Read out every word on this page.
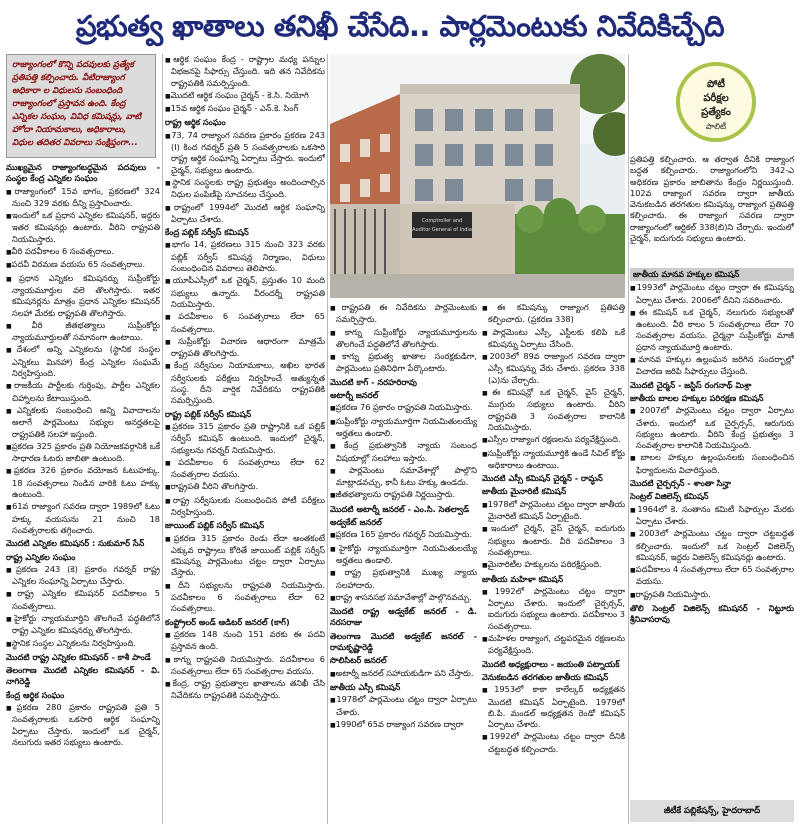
ప్రభుత్వ ఖాతాలు తనిఖీ చేసేది.. పార్లమెంటుకు నివేదికిచ్చేది
రాజ్యాంగంలో కొన్ని పదవులకు ప్రత్యేక ప్రతిపత్తి కల్పించారు. వీటిరాజ్యాంగ అధికారా ల విధులను సంబంధింది రాజ్యాంగంలో ప్రస్తావన ఉంది. కేంద్ర ఎన్నికల సంఘం, వివిధ కమిషన్లు, వాటి హోదా నియామకాలు, అధికారాలు, విధుల తదితర వివరాలు సంక్షిప్తంగా...

ముఖ్యమైన రాజ్యాంగబద్ధమైన పదవులు - సంస్థల కేంద్ర ఎన్నికల సంఘం

■ రాజ్యాంగంలో 15వ భాగం, ప్రకరణలో 324 నుంచి 329 వరకు దీన్ని ప్రస్తావించారు.

■ ఇందులో ఒక ప్రధాన ఎన్నికల కమిషనర్, ఇద్దరు ఇతర కమిషనర్లు ఉంటారు. వీరిని రాష్ట్రపతి నియమిస్తారు.

■ వీరి పదవీకాలం 6 సంవత్సరాలు.

■ పదవీ విరమణ వయసు 65 సంవత్సరాలు.

■ ప్రధాన ఎన్నికల కమిషనర్ను సుప్రీంకోర్టు న్యాయమూర్తుల వలె తొలగిస్తారు. ఇతర కమిషనర్లను మాత్రం ప్రధాన ఎన్నికల కమిషనర్ సలహా మేరకు రాష్ట్రపతి తొలగిస్తారు.

■ వీరి జీతభత్యాలు సుప్రీంకోర్టు న్యాయమూర్తులతో సమానంగా ఉంటాయి.

■ దేశంలో అన్ని ఎన్నికలను (స్థానిక సంస్థల ఎన్నికలు మినహా) కేంద్ర ఎన్నికల సంఘమే నిర్వహిస్తుంది.

■ రాజకీయ పార్టీలకు గుర్తింపు, పార్టీల ఎన్నికల చిహ్నాలను కేటాయిస్తుంది.

■ ఎన్నికలకు సంబంధించి అన్ని వివాదాలను అలాగే పార్లమెంటు సభ్యుల అనర్హతలపై రాష్ట్రపతికి సలహా ఇస్తుంది.

■ ప్రకరణ 325 ప్రకారం ప్రతి నియోజకవర్గానికి ఒకే సాధారణ ఓటరు జాబితా ఉంటుంది.

■ ప్రకరణ 326 ప్రకారం వయోజన ఓటుహక్కు. 18 సంవత్సరాలు నిండిన వారికి ఓటు హక్కు ఉంటుంది.

■ 61వ రాజ్యాంగ సవరణ ద్వారా 1989లో ఓటు హక్కు వయసును 21 నుంచి 18 సంవత్సరాలకు తగ్గించారు.

మొదటి ఎన్నికల కమిషనర్ : సుకుమార్ సేన్

రాష్ట్ర ఎన్నికల సంఘం

■ ప్రకరణ 243 (కె) ప్రకారం గవర్నర్ రాష్ట్ర ఎన్నికల సంఘాన్ని ఏర్పాటు చేస్తారు.

■ రాష్ట్ర ఎన్నికల కమిషనర్ పదవీకాలం 5 సంవత్సరాలు.

■ హైకోర్టు న్యాయమూర్తిని తొలగించే పద్ధతిలోనే రాష్ట్ర ఎన్నికల కమిషనర్ను తొలగిస్తారు.

■ స్థానిక సంస్థల ఎన్నికలను నిర్వహిస్తుంది.

మొదటి రాష్ట్ర ఎన్నికల కమిషనర్ - కాశీ పాండే

తెలంగాణ మొదటి ఎన్నికల కమిషనర్ - వి. నాగిరెడ్డి

కేంద్ర ఆర్థిక సంఘం

■ ప్రకరణ 280 ప్రకారం రాష్ట్రపతి ప్రతి 5 సంవత్సరాలకు ఒకసారి ఆర్థిక సంఘాన్ని ఏర్పాటు చేస్తారు. ఇందులో ఒక చైర్మన్, నలుగురు ఇతర సభ్యులు ఉంటారు.

■ ఆర్థిక సంఘం కేంద్ర - రాష్ట్రాల మధ్య పన్నుల విభజనపై సిఫార్సు చేస్తుంది. ఇది తన నివేదికను రాష్ట్రపతికి సమర్పిస్తుంది.

■ మొదటి ఆర్థిక సంఘం చైర్మన్ - కె.సి. నియోగి

■ 15వ ఆర్థిక సంఘం చైర్మన్ - ఎన్.కె. సింగ్

రాష్ట్ర ఆర్థిక సంఘం

■ 73, 74 రాజ్యాంగ సవరణ ప్రకారం ప్రకరణ 243 (I) కింద గవర్నర్ ప్రతి 5 సంవత్సరాలకు ఒకసారి రాష్ట్ర ఆర్థిక సంఘాన్ని ఏర్పాటు చేస్తారు. ఇందులో చైర్మన్, సభ్యులు ఉంటారు.

■ స్థానిక సంస్థలకు రాష్ట్ర ప్రభుత్వం అందించాల్సిన నిధుల పంపిణీపై సూచనలు చేస్తుంది.

■ రాష్ట్రంలో 1994లో మొదటి ఆర్థిక సంఘాన్ని ఏర్పాటు చేశారు.

కేంద్ర పబ్లిక్ సర్వీస్ కమిషన్

■ భాగం 14, ప్రకరణలు 315 నుంచి 323 వరకు పబ్లిక్ సర్వీస్ కమిషన్ల నిర్మాణం, విధులు సంబంధించిన వివరాలు తెలిపారు.

■ యూపీఎస్సీలో ఒక చైర్మన్, ప్రస్తుతం 10 మంది సభ్యులు ఉన్నారు. వీరందర్నీ రాష్ట్రపతి నియమిస్తారు.

■ పదవీకాలం 6 సంవత్సరాలు లేదా 65 సంవత్సరాలు.

■ సుప్రీంకోర్టు విచారణ ఆధారంగా మాత్రమే రాష్ట్రపతి తొలగిస్తారు.

■ కేంద్ర సర్వీసుల నియామకాలు, అఖిల భారత సర్వీసులకు పరీక్షలు నిర్వహించే అత్యున్నత సంస్థ. దీని వార్షిక నివేదికను రాష్ట్రపతికి సమర్పిస్తుంది.

రాష్ట్ర పబ్లిక్ సర్వీస్ కమిషన్

■ ప్రకరణ 315 ప్రకారం ప్రతి రాష్ట్రానికి ఒక పబ్లిక్ సర్వీస్ కమిషన్ ఉంటుంది. ఇందులో చైర్మన్, సభ్యులను గవర్నర్ నియమిస్తారు.

■ పదవీకాలం 6 సంవత్సరాలు లేదా 62 సంవత్సరాల వయసు.

■ రాష్ట్రపతి వీరిని తొలగిస్తారు.

■ రాష్ట్ర సర్వీసులకు సంబంధించిన పోటీ పరీక్షలు నిర్వహిస్తుంది.

జాయింట్ పబ్లిక్ సర్వీస్ కమిషన్

■ ప్రకరణ 315 ప్రకారం రెండు లేదా అంతకంటే ఎక్కువ రాష్ట్రాలు కోరితే జాయింట్ పబ్లిక్ సర్వీస్ కమిషన్ను పార్లమెంటు చట్టం ద్వారా ఏర్పాటు చేస్తారు.

■ దీని సభ్యులను రాష్ట్రపతి నియమిస్తారు. పదవీకాలం 6 సంవత్సరాలు లేదా 62 సంవత్సరాలు.

కంప్ట్రోలర్ అండ్ ఆడిటర్ జనరల్ (కాగ్)

■ ప్రకరణ 148 నుంచి 151 వరకు ఈ పదవి ప్రస్తావన ఉంది.

■ కాగ్ను రాష్ట్రపతి నియమిస్తారు. పదవీకాలం 6 సంవత్సరాలు లేదా 65 సంవత్సరాల వయసు.

■ కేంద్ర, రాష్ట్ర ప్రభుత్వాల ఖాతాలను తనిఖీ చేసి నివేదికను రాష్ట్రపతికి సమర్పిస్తారు.

■ రాష్ట్రపతి ఈ నివేదికను పార్లమెంటుకు సమర్పిస్తారు.

■ కాగ్ను సుప్రీంకోర్టు న్యాయమూర్తులను తొలగించే పద్ధతిలోనే తొలగిస్తారు.

■ కాగ్ను ప్రభుత్వ ఖాతాల సంరక్షకుడిగా, పార్లమెంటు ప్రతినిధిగా పేర్కొంటారు.

మొదటి కాగ్ - నరహరిరావు

అటార్నీ జనరల్

■ ప్రకరణ 76 ప్రకారం రాష్ట్రపతి నియమిస్తారు.

■ సుప్రీంకోర్టు న్యాయమూర్తిగా నియమితులయ్యే అర్హతలు ఉండాలి.

■ కేంద్ర ప్రభుత్వానికి న్యాయ సంబంధ విషయాల్లో సలహాలు ఇస్తారు.

■ పార్లమెంటు సమావేశాల్లో పాల్గొని మాట్లాడవచ్చు, కానీ ఓటు హక్కు ఉండదు.

■ జీతభత్యాలను రాష్ట్రపతి నిర్ణయిస్తారు.

మొదటి అటార్నీ జనరల్ - ఎం.సి. సెతల్వాడ్

అడ్వకేట్ జనరల్

■ ప్రకరణ 165 ప్రకారం గవర్నర్ నియమిస్తారు.

■ హైకోర్టు న్యాయమూర్తిగా నియమితులయ్యే అర్హతలు ఉండాలి.

■ రాష్ట్ర ప్రభుత్వానికి ముఖ్య న్యాయ సలహాదారు.

■ రాష్ట్ర శాసనసభ సమావేశాల్లో పాల్గొనవచ్చు.

మొదటి రాష్ట్ర అడ్వకేట్ జనరల్ - డి. నరసరాజు

తెలంగాణ మొదటి అడ్వకేట్ జనరల్ - రామకృష్ణారెడ్డి

సొలిసిటర్ జనరల్

■ అటార్నీ జనరల్ సహాయకుడిగా పని చేస్తారు.

జాతీయ ఎస్సీ కమిషన్

■ 1978లో పార్లమెంటు చట్టం ద్వారా ఏర్పాటు చేశారు.

■ 1990లో 65వ రాజ్యాంగ సవరణ ద్వారా

■ ఈ కమిషన్కు రాజ్యాంగ ప్రతిపత్తి కల్పించారు. (ప్రకరణ 338)

■ పార్లమెంటు ఎస్సీ, ఎస్టీలకు కలిపి ఒకే కమిషన్ను ఏర్పాటు చేసింది.

■ 2003లో 89వ రాజ్యాంగ సవరణ ద్వారా ఎస్సీ కమిషన్ను వేరు చేశారు. ప్రకరణ 338 (ఎ)ను చేర్చారు.

■ ఈ కమిషన్లో ఒక చైర్మన్, వైస్ చైర్మన్, ముగ్గురు సభ్యులు ఉంటారు. వీరిని రాష్ట్రపతి 3 సంవత్సరాల కాలానికి నియమిస్తారు.

■ ఎస్సీల రాజ్యాంగ రక్షణలను పర్యవేక్షిస్తుంది.

■ సుప్రీంకోర్టు న్యాయమూర్తికి ఉండే సివిల్ కోర్టు అధికారాలు ఉంటాయి.

మొదటి ఎస్సీ కమిషన్ చైర్మన్ - రామ్ధన్

జాతీయ మైనారిటీ కమిషన్

■ 1978లో పార్లమెంటు చట్టం ద్వారా జాతీయ మైనారిటీ కమిషన్ ఏర్పాటైంది.

■ ఇందులో చైర్మన్, వైస్ చైర్మన్, ఐదుగురు సభ్యులు ఉంటారు. వీరి పదవీకాలం 3 సంవత్సరాలు.

■ మైనారిటీల హక్కులను పరిరక్షిస్తుంది.

జాతీయ మహిళా కమిషన్

■ 1992లో పార్లమెంటు చట్టం ద్వారా ఏర్పాటు చేశారు. ఇందులో చైర్పర్సన్, ఐదుగురు సభ్యులు ఉంటారు. పదవీకాలం 3 సంవత్సరాలు.

■ మహిళల రాజ్యాంగ, చట్టపరమైన రక్షణలను పర్యవేక్షిస్తుంది.

మొదటి అధ్యక్షురాలు - జయంతి పట్నాయక్

వెనుకబడిన తరగతుల జాతీయ కమిషన్

■ 1953లో కాకా కాలేల్కర్ అధ్యక్షతన మొదటి కమిషన్ ఏర్పాటైంది. 1979లో బి.పి. మండల్ అధ్యక్షతన రెండో కమిషన్ ఏర్పాటు చేశారు.

■ 1992లో పార్లమెంటు చట్టం ద్వారా దీనికి చట్టబద్ధత కల్పించారు.

ప్రతిపత్తి కల్పించారు. ఆ తర్వాత దీనికి రాజ్యాంగ బద్ధత కల్పించారు. రాజ్యాంగంలోని 342-ఎ అధికరణ ప్రకారం జాబితాను కేంద్రం నిర్ణయిస్తుంది. 102వ రాజ్యాంగ సవరణ ద్వారా జాతీయ వెనుకబడిన తరగతుల కమిషన్కు రాజ్యాంగ ప్రతిపత్తి కల్పించారు. ఈ రాజ్యాంగ సవరణ ద్వారా రాజ్యాంగంలో ఆర్టికల్ 338(బి)ని చేర్చారు. ఇందులో చైర్మన్, ఐదుగురు సభ్యులు ఉంటారు.

జాతీయ మానవ హక్కుల కమిషన్

■ 1993లో పార్లమెంటు చట్టం ద్వారా ఈ కమిషన్ను ఏర్పాటు చేశారు. 2006లో దీనిని సవరించారు.

■ ఈ కమిషన్ ఒక చైర్మన్, నలుగురు సభ్యులతో ఉంటుంది. వీరి కాలం 5 సంవత్సరాలు లేదా 70 సంవత్సరాల వయసు. చైర్మన్గా సుప్రీంకోర్టు మాజీ ప్రధాన న్యాయమూర్తి ఉంటారు.

■ మానవ హక్కుల ఉల్లంఘన జరిగిన సందర్భాల్లో విచారణ జరిపి సిఫార్సులు చేస్తుంది.

మొదటి చైర్మన్ - జస్టిస్ రంగనాథ్ మిశ్రా

జాతీయ బాలల హక్కుల పరిరక్షణ కమిషన్

■ 2007లో పార్లమెంటు చట్టం ద్వారా ఏర్పాటు చేశారు. ఇందులో ఒక చైర్పర్సన్, ఆరుగురు సభ్యులు ఉంటారు. వీరిని కేంద్ర ప్రభుత్వం 3 సంవత్సరాల కాలానికి నియమిస్తుంది.

■ బాలల హక్కుల ఉల్లంఘనలకు సంబంధించిన ఫిర్యాదులను విచారిస్తుంది.

మొదటి చైర్పర్సన్ - శాంతా సిన్హా

సెంట్రల్ విజిలెన్స్ కమిషన్

■ 1964లో కె. సంతానం కమిటీ సిఫార్సుల మేరకు ఏర్పాటు చేశారు.

■ 2003లో పార్లమెంటు చట్టం ద్వారా చట్టబద్ధత కల్పించారు. ఇందులో ఒక సెంట్రల్ విజిలెన్స్ కమిషనర్, ఇద్దరు విజిలెన్స్ కమిషనర్లు ఉంటారు.

■ పదవీకాలం 4 సంవత్సరాలు లేదా 65 సంవత్సరాల వయసు.

■ రాష్ట్రపతి నియమిస్తారు.

తొలి సెంట్రల్ విజిలెన్స్ కమిషనర్ - నిట్టూరు శ్రీనివాసరావు

Comptroller and
Auditor General of India
పోటీ
పరీక్షల
ప్రత్యేకం
పాలిటీ
జీటీకే పబ్లికేషన్స్, హైదరాబాద్
